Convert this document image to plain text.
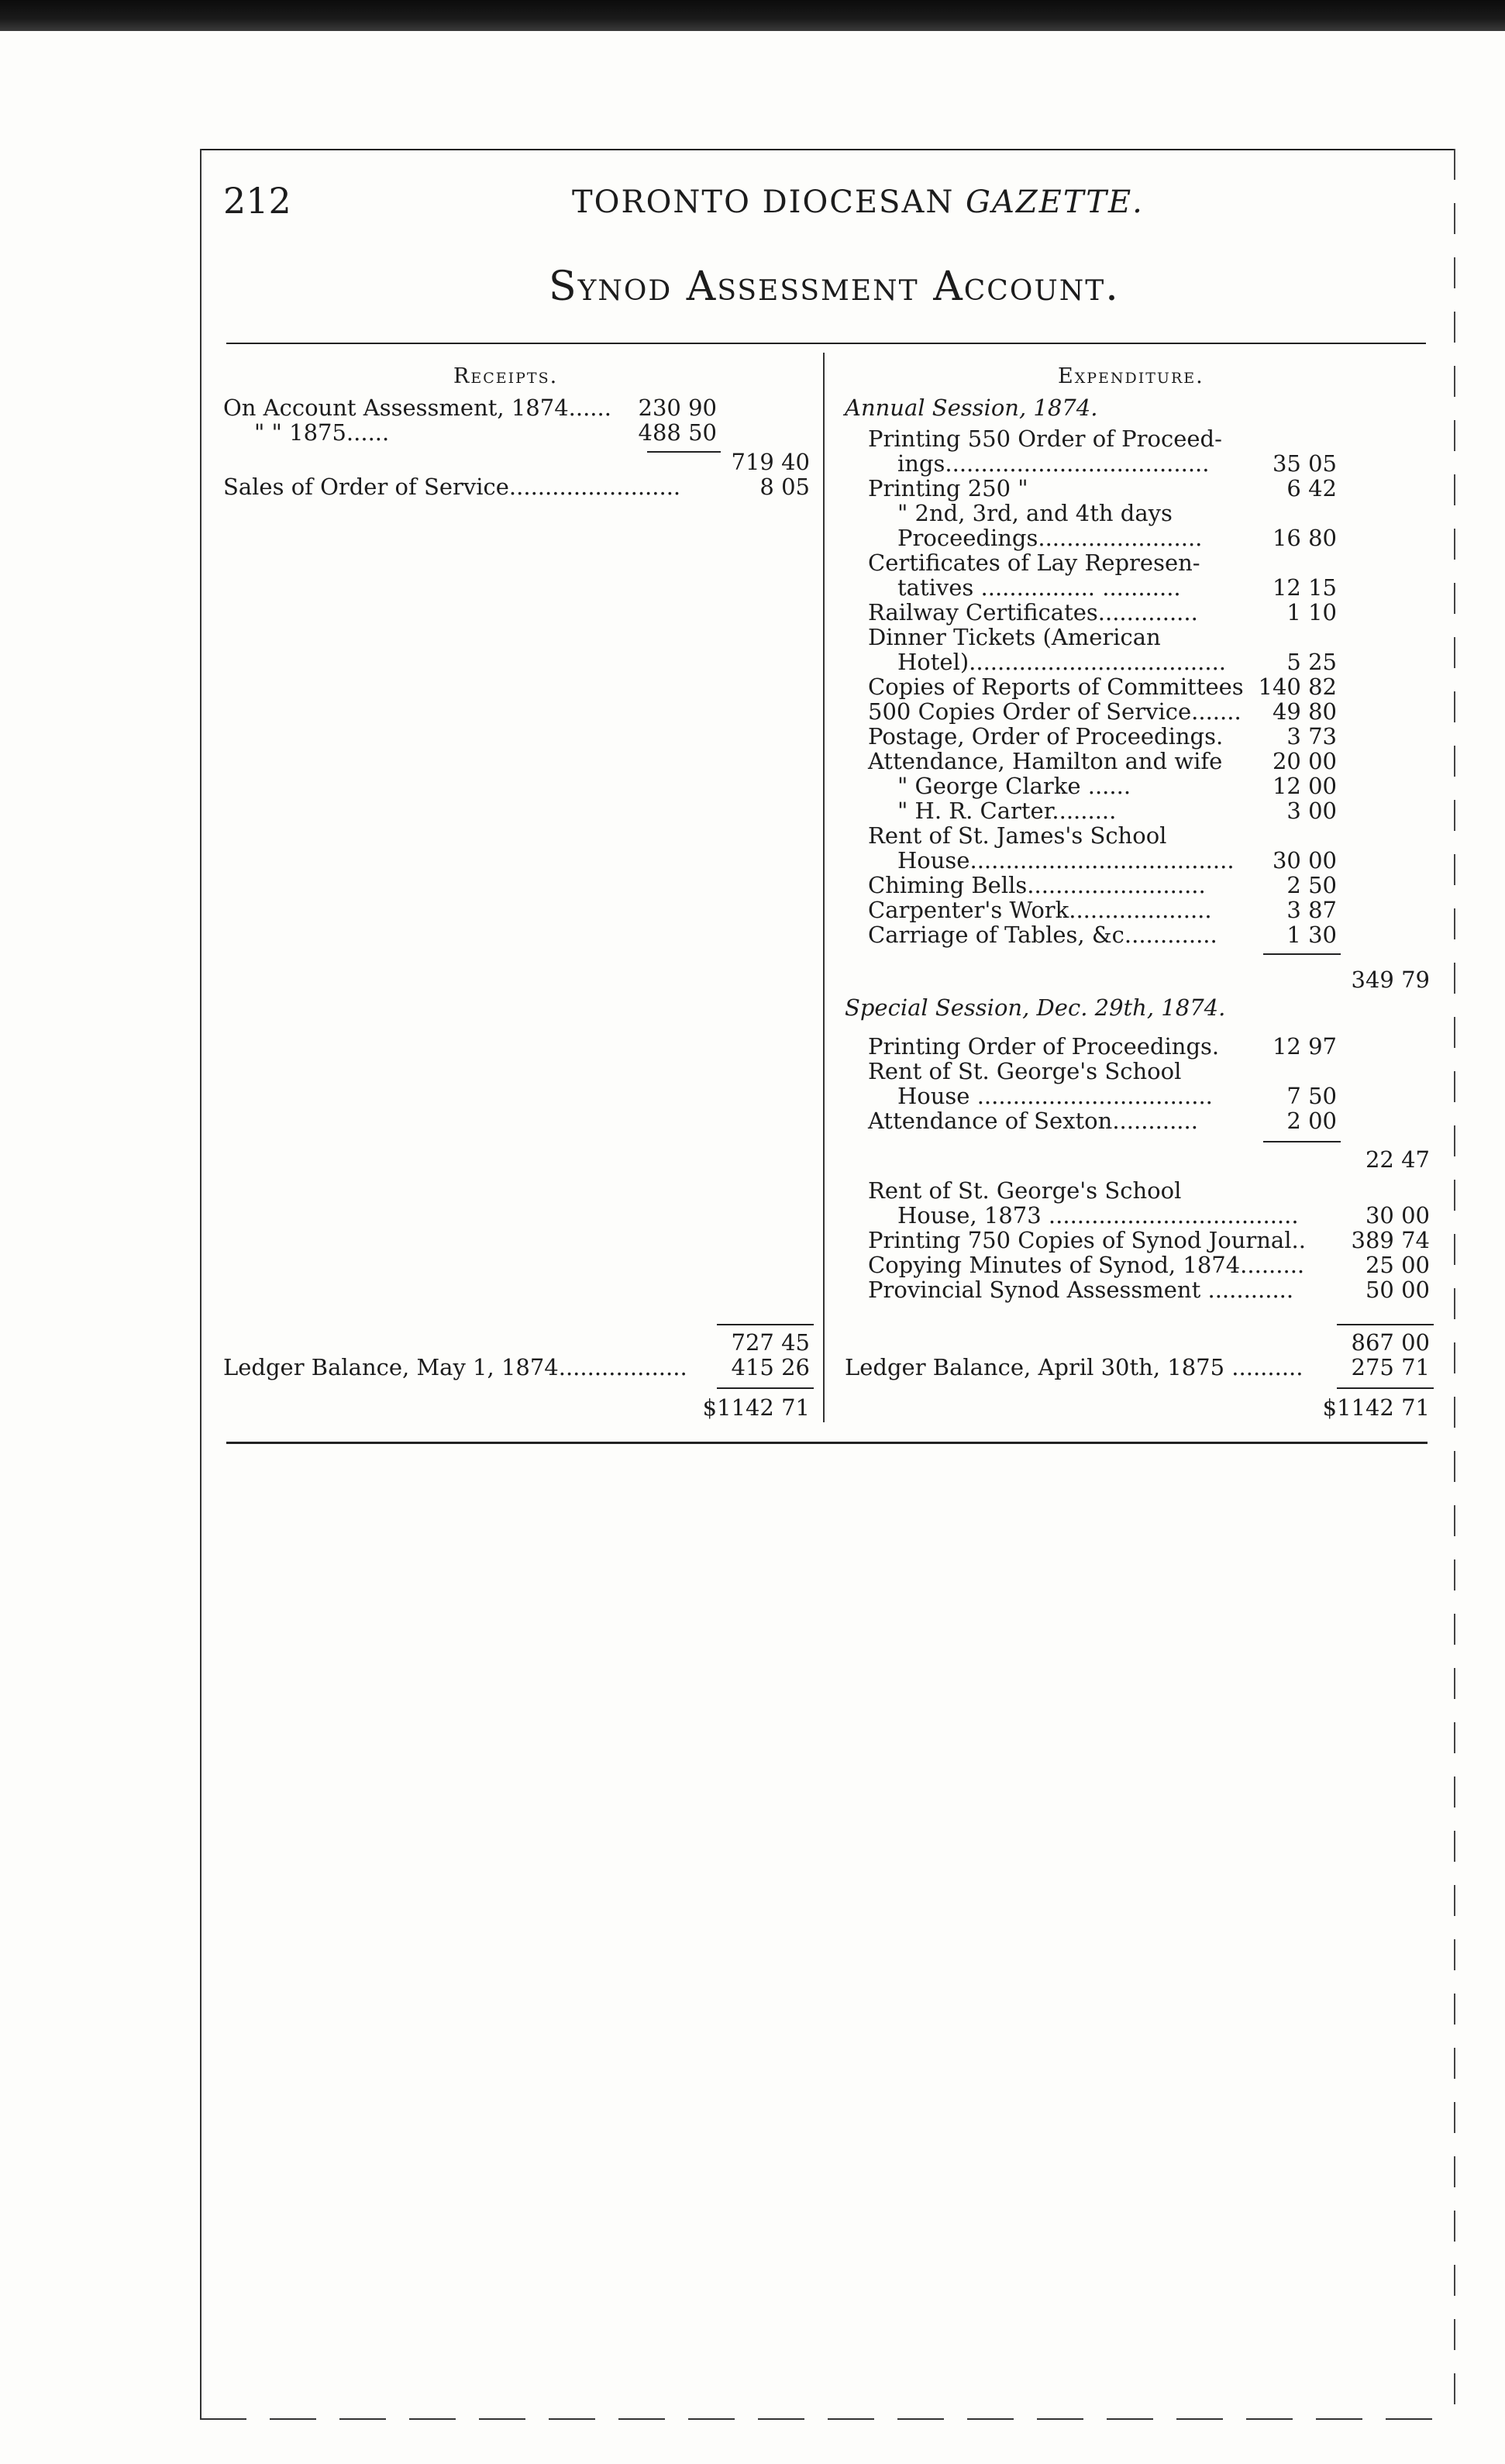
212	TORONTO DIOCESAN GAZETTE.
Synod Assessment Account.
Receipts.
On Account Assessment, 1874......	230 90
" " 1875......	488 50
719 40
Sales of Order of Service........................	8 05
727 45
Ledger Balance, May 1, 1874..................	415 26
$1142 71
Expenditure.
Annual Session, 1874.
Printing 550 Order of Proceed-
ings.....................................	35 05
Printing 250 "	6 42
" 2nd, 3rd, and 4th days
Proceedings.......................	16 80
Certificates of Lay Represen-
tatives ................ ...........	12 15
Railway Certificates..............	1 10
Dinner Tickets (American
Hotel)....................................	5 25
Copies of Reports of Committees 140 82
500 Copies Order of Service.......	49 80
Postage, Order of Proceedings.	3 73
Attendance, Hamilton and wife	20 00
" George Clarke ......	12 00
" H. R. Carter.........	3 00
Rent of St. James's School
House.....................................	30 00
Chiming Bells.........................	2 50
Carpenter's Work....................	3 87
Carriage of Tables, &c.............	1 30
349 79
Special Session, Dec. 29th, 1874.
Printing Order of Proceedings.	12 97
Rent of St. George's School
House .................................	7 50
Attendance of Sexton............	2 00
22 47
Rent of St. George's School
House, 1873 ...................................	30 00
Printing 750 Copies of Synod Journal..	389 74
Copying Minutes of Synod, 1874.........	25 00
Provincial Synod Assessment ............	50 00
867 00
Ledger Balance, April 30th, 1875 ..........	275 71
$1142 71
